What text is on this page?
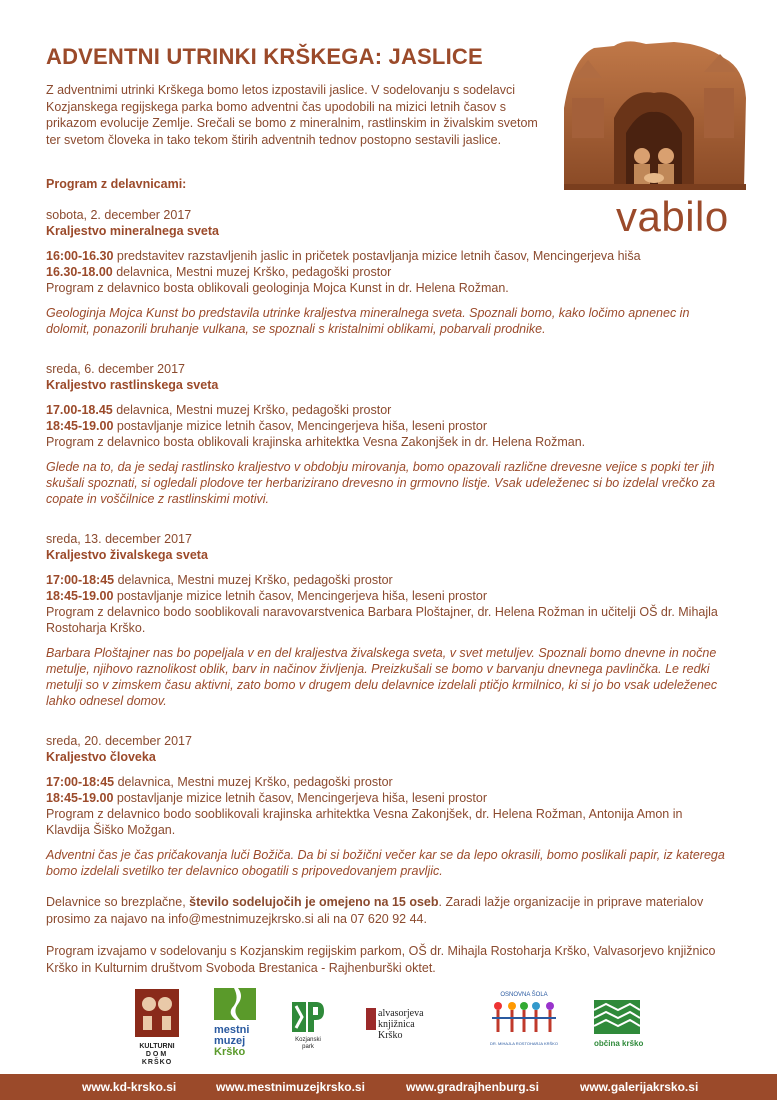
ADVENTNI UTRINKI KRŠKEGA: JASLICE
Z adventnimi utrinki Krškega bomo letos izpostavili jaslice. V sodelovanju s sodelavci Kozjanskega regijskega parka bomo adventni čas upodobili na mizici letnih časov s prikazom evolucije Zemlje. Srečali se bomo z mineralnim, rastlinskim in živalskim svetom ter svetom človeka in tako tekom štirih adventnih tednov postopno sestavili jaslice.
Program z delavnicami:
vabilo
sobota, 2. december 2017
Kraljestvo mineralnega sveta
16:00-16.30 predstavitev razstavljenih jaslic in pričetek postavljanja mizice letnih časov, Mencingerjeva hiša
16.30-18.00 delavnica, Mestni muzej Krško, pedagoški prostor
Program z delavnico bosta oblikovali geologinja Mojca Kunst in dr. Helena Rožman.
Geologinja Mojca Kunst bo predstavila utrinke kraljestva mineralnega sveta. Spoznali bomo, kako ločimo apnenec in dolomit, ponazorili bruhanje vulkana, se spoznali s kristalnimi oblikami, pobarvali prodnike.
sreda, 6. december 2017
Kraljestvo rastlinskega sveta
17.00-18.45 delavnica, Mestni muzej Krško, pedagoški prostor
18:45-19.00 postavljanje mizice letnih časov, Mencingerjeva hiša, leseni prostor
Program z delavnico bosta oblikovali krajinska arhitektka Vesna Zakonjšek in dr. Helena Rožman.
Glede na to, da je sedaj rastlinsko kraljestvo v obdobju mirovanja, bomo opazovali različne drevesne vejice s popki ter jih skušali spoznati, si ogledali plodove ter herbarizirano drevesno in grmovno listje. Vsak udeleženec si bo izdelal vrečko za copate in voščilnice z rastlinskimi motivi.
sreda, 13. december 2017
Kraljestvo živalskega sveta
17:00-18:45 delavnica, Mestni muzej Krško, pedagoški prostor
18:45-19.00 postavljanje mizice letnih časov, Mencingerjeva hiša, leseni prostor
Program z delavnico bodo sooblikovali naravovarstvenica Barbara Ploštajner, dr. Helena Rožman in učitelji OŠ dr. Mihajla Rostoharja Krško.
Barbara Ploštajner nas bo popeljala v en del kraljestva živalskega sveta, v svet metuljev. Spoznali bomo dnevne in nočne metulje, njihovo raznolikost oblik, barv in načinov življenja. Preizkušali se bomo v barvanju dnevnega pavlinčka. Le redki metulji so v zimskem času aktivni, zato bomo v drugem delu delavnice izdelali ptičjo krmilnico, ki si jo bo vsak udeleženec lahko odnesel domov.
sreda, 20. december 2017
Kraljestvo človeka
17:00-18:45 delavnica, Mestni muzej Krško, pedagoški prostor
18:45-19.00 postavljanje mizice letnih časov, Mencingerjeva hiša, leseni prostor
Program z delavnico bodo sooblikovali krajinska arhitektka Vesna Zakonjšek, dr. Helena Rožman, Antonija Amon in Klavdija Šiško Možgan.
Adventni čas je čas pričakovanja luči Božiča. Da bi si božični večer kar se da lepo okrasili, bomo poslikali papir, iz katerega bomo izdelali svetilko ter delavnico obogatili s pripovedovanjem pravljic.
Delavnice so brezplačne, število sodelujočih je omejeno na 15 oseb. Zaradi lažje organizacije in priprave materialov prosimo za najavo na info@mestnimuzejkrsko.si ali na 07 620 92 44.
Program izvajamo v sodelovanju s Kozjanskim regijskim parkom, OŠ dr. Mihajla Rostoharja Krško, Valvasorjevo knjižnico Krško in Kulturnim društvom Svoboda Brestanica - Rajhenburški oktet.
KULTURNI
DOM
KRŠKO
mestni
muzej
Krško
Kozjanski
park
alvasorjeva
knjižnica
Krško
OSNOVNA ŠOLA
DR. MIHAJLA ROSTOHARJA KRŠKO	občina krško
www.kd-krsko.si	www.mestnimuzejkrsko.si	www.gradrajhenburg.si	www.galerijakrsko.si
